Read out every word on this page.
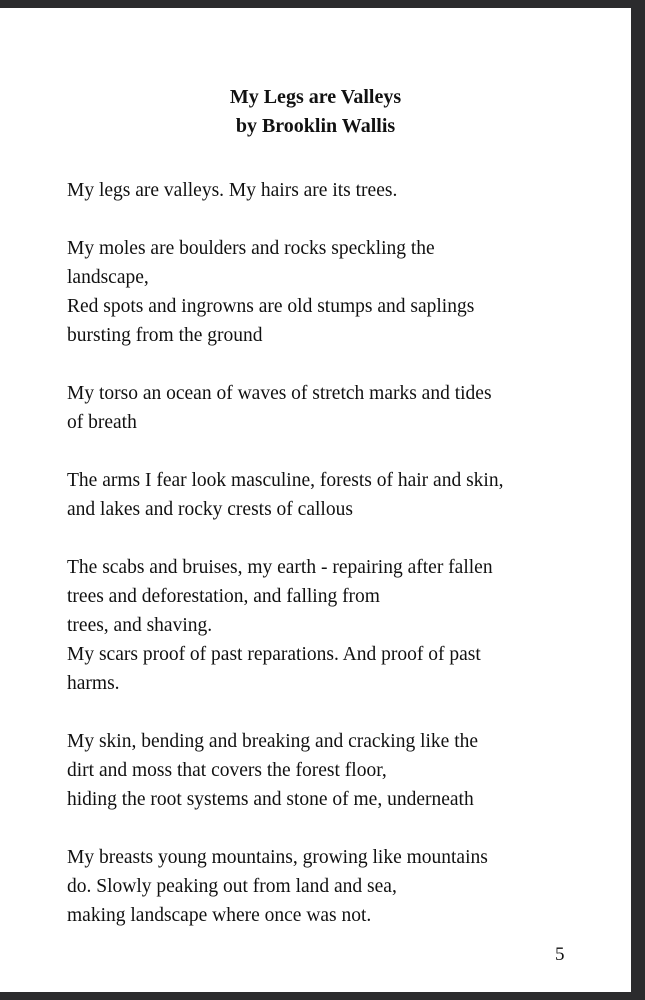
My Legs are Valleys
by Brooklin Wallis
My legs are valleys. My hairs are its trees.
My moles are boulders and rocks speckling the
landscape,
Red spots and ingrowns are old stumps and saplings
bursting from the ground
My torso an ocean of waves of stretch marks and tides
of breath
The arms I fear look masculine, forests of hair and skin,
and lakes and rocky crests of callous
The scabs and bruises, my earth - repairing after fallen
trees and deforestation, and falling from
trees, and shaving.
My scars proof of past reparations. And proof of past
harms.
My skin, bending and breaking and cracking like the
dirt and moss that covers the forest floor,
hiding the root systems and stone of me, underneath
My breasts young mountains, growing like mountains
do. Slowly peaking out from land and sea,
making landscape where once was not.
5
